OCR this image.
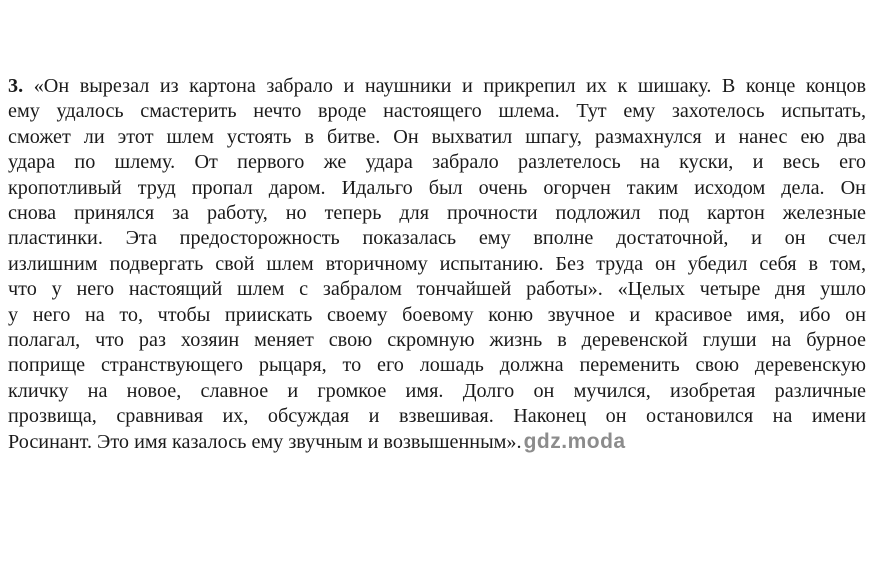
3. «Он вырезал из картона забрало и наушники и прикрепил их к шишаку. В конце концов
ему удалось смастерить нечто вроде настоящего шлема. Тут ему захотелось испытать,
сможет ли этот шлем устоять в битве. Он выхватил шпагу, размахнулся и нанес ею два
удара по шлему. От первого же удара забрало разлетелось на куски, и весь его
кропотливый труд пропал даром. Идальго был очень огорчен таким исходом дела. Он
снова принялся за работу, но теперь для прочности подложил под картон железные
пластинки. Эта предосторожность показалась ему вполне достаточной, и он счел
излишним подвергать свой шлем вторичному испытанию. Без труда он убедил себя в том,
что у него настоящий шлем с забралом тончайшей работы». «Целых четыре дня ушло
у него на то, чтобы приискать своему боевому коню звучное и красивое имя, ибо он
полагал, что раз хозяин меняет свою скромную жизнь в деревенской глуши на бурное
поприще странствующего рыцаря, то его лошадь должна переменить свою деревенскую
кличку на новое, славное и громкое имя. Долго он мучился, изобретая различные
прозвища, сравнивая их, обсуждая и взвешивая. Наконец он остановился на имени
Росинант. Это имя казалось ему звучным и возвышенным».gdz.moda
